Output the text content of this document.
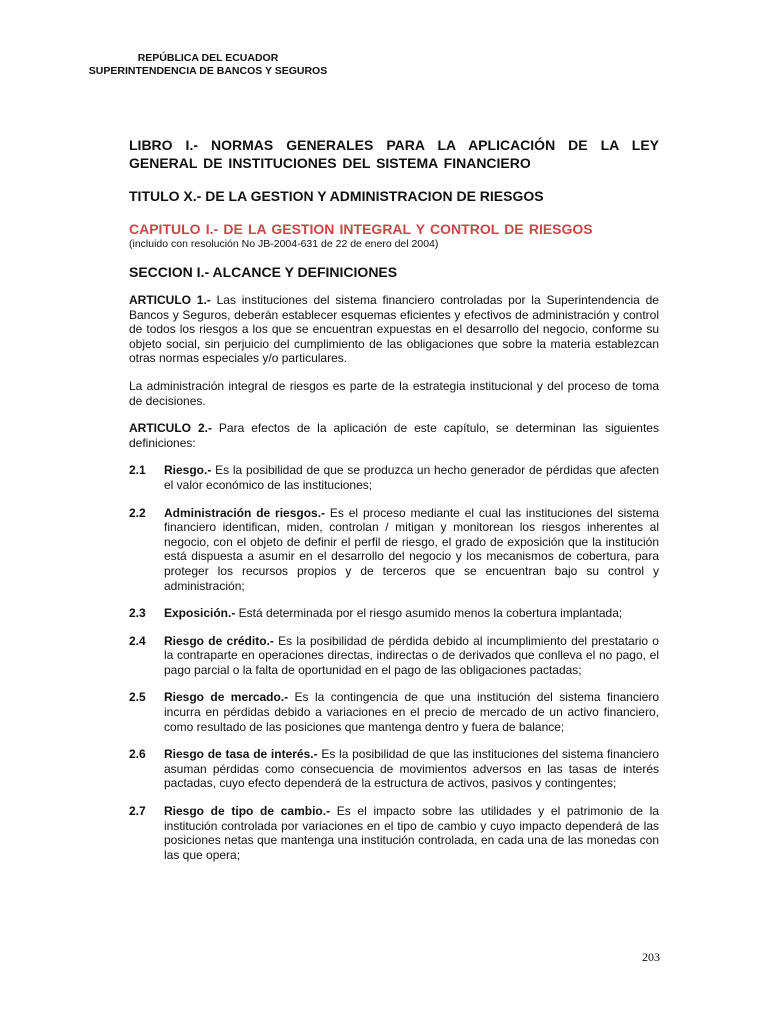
REPÚBLICA DEL ECUADOR
SUPERINTENDENCIA DE BANCOS Y SEGUROS

LIBRO I.- NORMAS GENERALES PARA LA APLICACIÓN DE LA LEY GENERAL DE INSTITUCIONES DEL SISTEMA FINANCIERO

TITULO X.- DE LA GESTION Y ADMINISTRACION DE RIESGOS

CAPITULO I.- DE LA GESTION INTEGRAL Y CONTROL DE RIESGOS

(incluido con resolución No JB-2004-631 de 22 de enero del 2004)

SECCION I.- ALCANCE Y DEFINICIONES

ARTICULO 1.- Las instituciones del sistema financiero controladas por la Superintendencia de Bancos y Seguros, deberán establecer esquemas eficientes y efectivos de administración y control de todos los riesgos a los que se encuentran expuestas en el desarrollo del negocio, conforme su objeto social, sin perjuicio del cumplimiento de las obligaciones que sobre la materia establezcan otras normas especiales y/o particulares.

La administración integral de riesgos es parte de la estrategia institucional y del proceso de toma de decisiones.

ARTICULO 2.- Para efectos de la aplicación de este capítulo, se determinan las siguientes definiciones:

2.1	Riesgo.- Es la posibilidad de que se produzca un hecho generador de pérdidas que afecten el valor económico de las instituciones;
2.2	Administración de riesgos.- Es el proceso mediante el cual las instituciones del sistema financiero identifican, miden, controlan / mitigan y monitorean los riesgos inherentes al negocio, con el objeto de definir el perfil de riesgo, el grado de exposición que la institución está dispuesta a asumir en el desarrollo del negocio y los mecanismos de cobertura, para proteger los recursos propios y de terceros que se encuentran bajo su control y administración;
2.3	Exposición.- Está determinada por el riesgo asumido menos la cobertura implantada;
2.4	Riesgo de crédito.- Es la posibilidad de pérdida debido al incumplimiento del prestatario o la contraparte en operaciones directas, indirectas o de derivados que conlleva el no pago, el pago parcial o la falta de oportunidad en el pago de las obligaciones pactadas;
2.5	Riesgo de mercado.- Es la contingencia de que una institución del sistema financiero incurra en pérdidas debido a variaciones en el precio de mercado de un activo financiero, como resultado de las posiciones que mantenga dentro y fuera de balance;
2.6	Riesgo de tasa de interés.- Es la posibilidad de que las instituciones del sistema financiero asuman pérdidas como consecuencia de movimientos adversos en las tasas de interés pactadas, cuyo efecto dependerá de la estructura de activos, pasivos y contingentes;
2.7	Riesgo de tipo de cambio.- Es el impacto sobre las utilidades y el patrimonio de la institución controlada por variaciones en el tipo de cambio y cuyo impacto dependerá de las posiciones netas que mantenga una institución controlada, en cada una de las monedas con las que opera;
203
